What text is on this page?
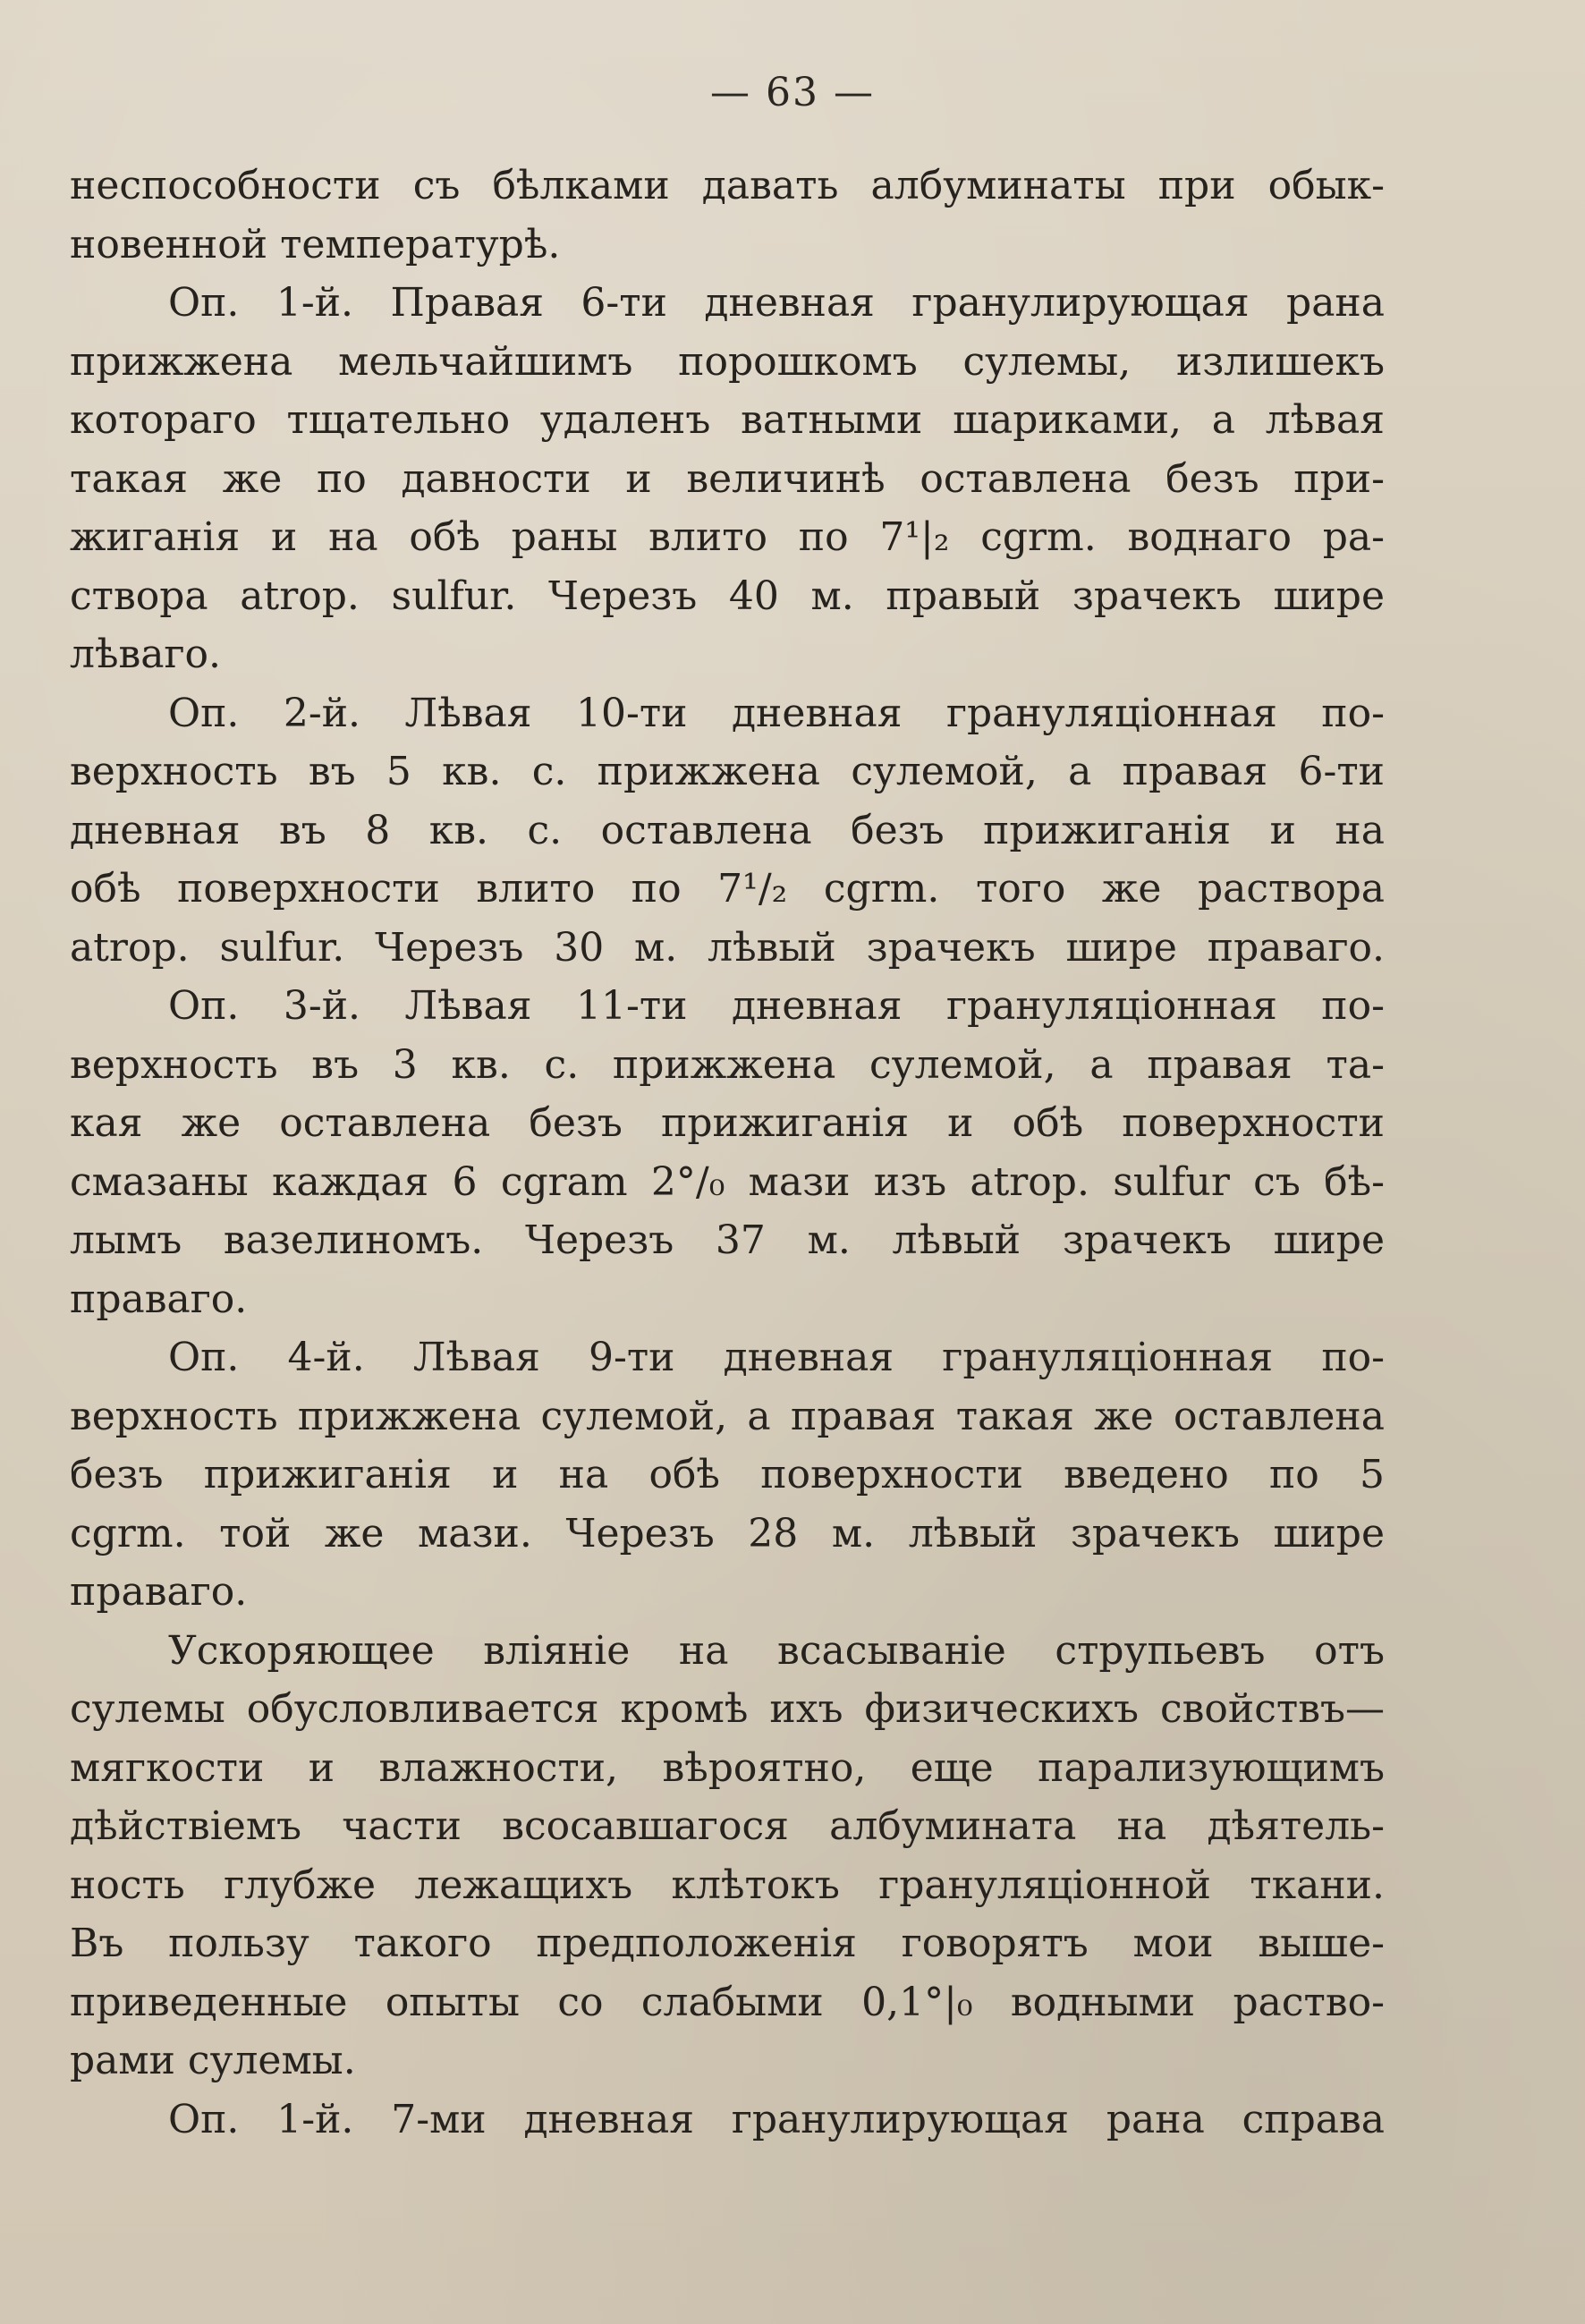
— 63 —
неспособности съ бѣлками давать албуминаты при обык-
новенной температурѣ.
Оп. 1-й. Правая 6-ти дневная гранулирующая рана
прижжена мельчайшимъ порошкомъ сулемы, излишекъ
котораго тщательно удаленъ ватными шариками, а лѣвая
такая же по давности и величинѣ оставлена безъ при-
жиганія и на обѣ раны влито по 7¹|₂ cgrm. воднаго ра-
створа atrop. sulfur. Черезъ 40 м. правый зрачекъ шире
лѣваго.
Оп. 2-й. Лѣвая 10-ти дневная грануляціонная по-
верхность въ 5 кв. с. прижжена сулемой, а правая 6-ти
дневная въ 8 кв. с. оставлена безъ прижиганія и на
обѣ поверхности влито по 7¹/₂ cgrm. того же раствора
atrop. sulfur. Черезъ 30 м. лѣвый зрачекъ шире праваго.
Оп. 3-й. Лѣвая 11-ти дневная грануляціонная по-
верхность въ 3 кв. с. прижжена сулемой, а правая та-
кая же оставлена безъ прижиганія и обѣ поверхности
смазаны каждая 6 cgram 2°/₀ мази изъ atrop. sulfur съ бѣ-
лымъ вазелиномъ. Черезъ 37 м. лѣвый зрачекъ шире
праваго.
Оп. 4-й. Лѣвая 9-ти дневная грануляціонная по-
верхность прижжена сулемой, а правая такая же оставлена
безъ прижиганія и на обѣ поверхности введено по 5
cgrm. той же мази. Черезъ 28 м. лѣвый зрачекъ шире
праваго.
Ускоряющее вліяніе на всасываніе струпьевъ отъ
сулемы обусловливается кромѣ ихъ физическихъ свойствъ—
мягкости и влажности, вѣроятно, еще парализующимъ
дѣйствіемъ части всосавшагося албумината на дѣятель-
ность глубже лежащихъ клѣтокъ грануляціонной ткани.
Въ пользу такого предположенія говорятъ мои выше-
приведенные опыты со слабыми 0,1°|₀ водными раство-
рами сулемы.
Оп. 1-й. 7-ми дневная гранулирующая рана справа
